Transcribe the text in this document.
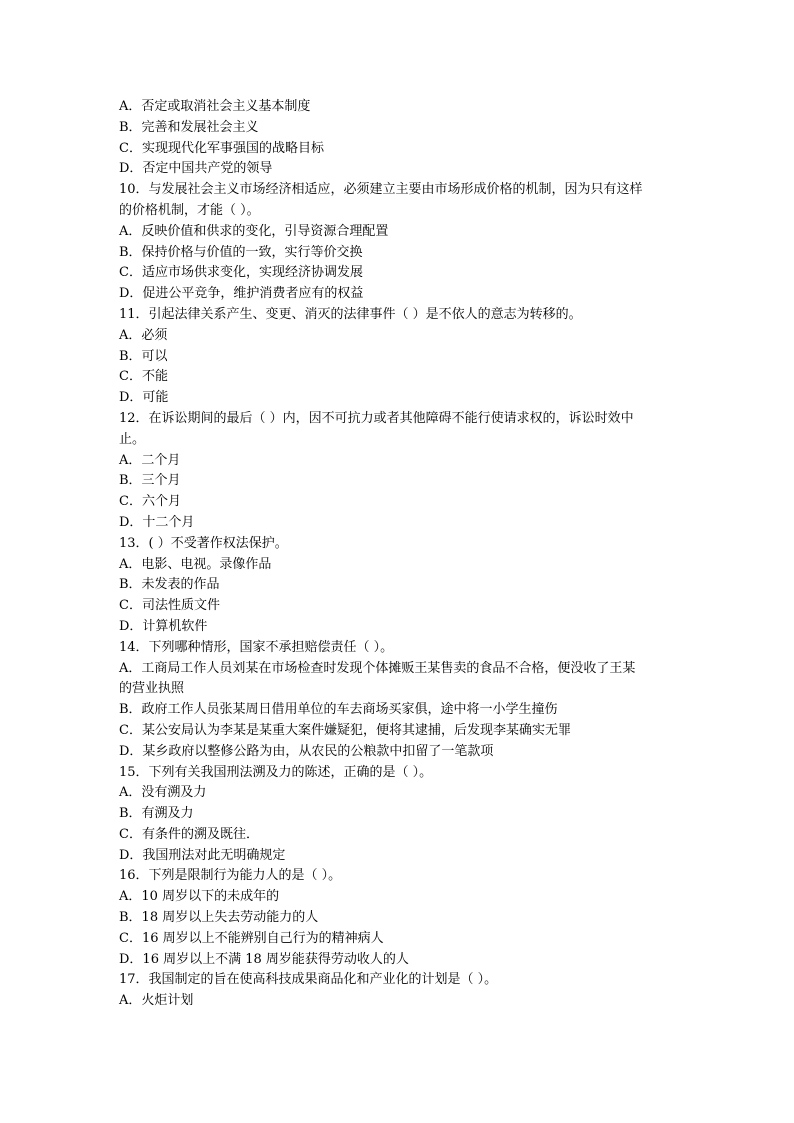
A．否定或取消社会主义基本制度
B．完善和发展社会主义
C．实现现代化军事强国的战略目标
D．否定中国共产党的领导
10．与发展社会主义市场经济相适应，必须建立主要由市场形成价格的机制，因为只有这样
的价格机制，才能（ ）。
A．反映价值和供求的变化，引导资源合理配置
B．保持价格与价值的一致，实行等价交换
C．适应市场供求变化，实现经济协调发展
D．促进公平竞争，维护消费者应有的权益
11．引起法律关系产生、变更、消灭的法律事件（ ）是不依人的意志为转移的。
A．必须
B．可以
C．不能
D．可能
12．在诉讼期间的最后（ ）内，因不可抗力或者其他障碍不能行使请求权的，诉讼时效中
止。
A．二个月
B．三个月
C．六个月
D．十二个月
13．( ）不受著作权法保护。
A．电影、电视。录像作品
B．未发表的作品
C．司法性质文件
D．计算机软件
14．下列哪种情形，国家不承担赔偿责任（ ）。
A．工商局工作人员刘某在市场检查时发现个体摊贩王某售卖的食品不合格，便没收了王某
的营业执照
B．政府工作人员张某周日借用单位的车去商场买家俱，途中将一小学生撞伤
C．某公安局认为李某是某重大案件嫌疑犯，便将其逮捕，后发现李某确实无罪
D．某乡政府以整修公路为由，从农民的公粮款中扣留了一笔款项
15．下列有关我国刑法溯及力的陈述，正确的是（ ）。
A．没有溯及力
B．有溯及力
C．有条件的溯及既往．
D．我国刑法对此无明确规定
16．下列是限制行为能力人的是（ ）。
A．10 周岁以下的未成年的
B．18 周岁以上失去劳动能力的人
C．16 周岁以上不能辨别自己行为的精神病人
D．16 周岁以上不满 18 周岁能获得劳动收人的人
17．我国制定的旨在使高科技成果商品化和产业化的计划是（ ）。
A．火炬计划
